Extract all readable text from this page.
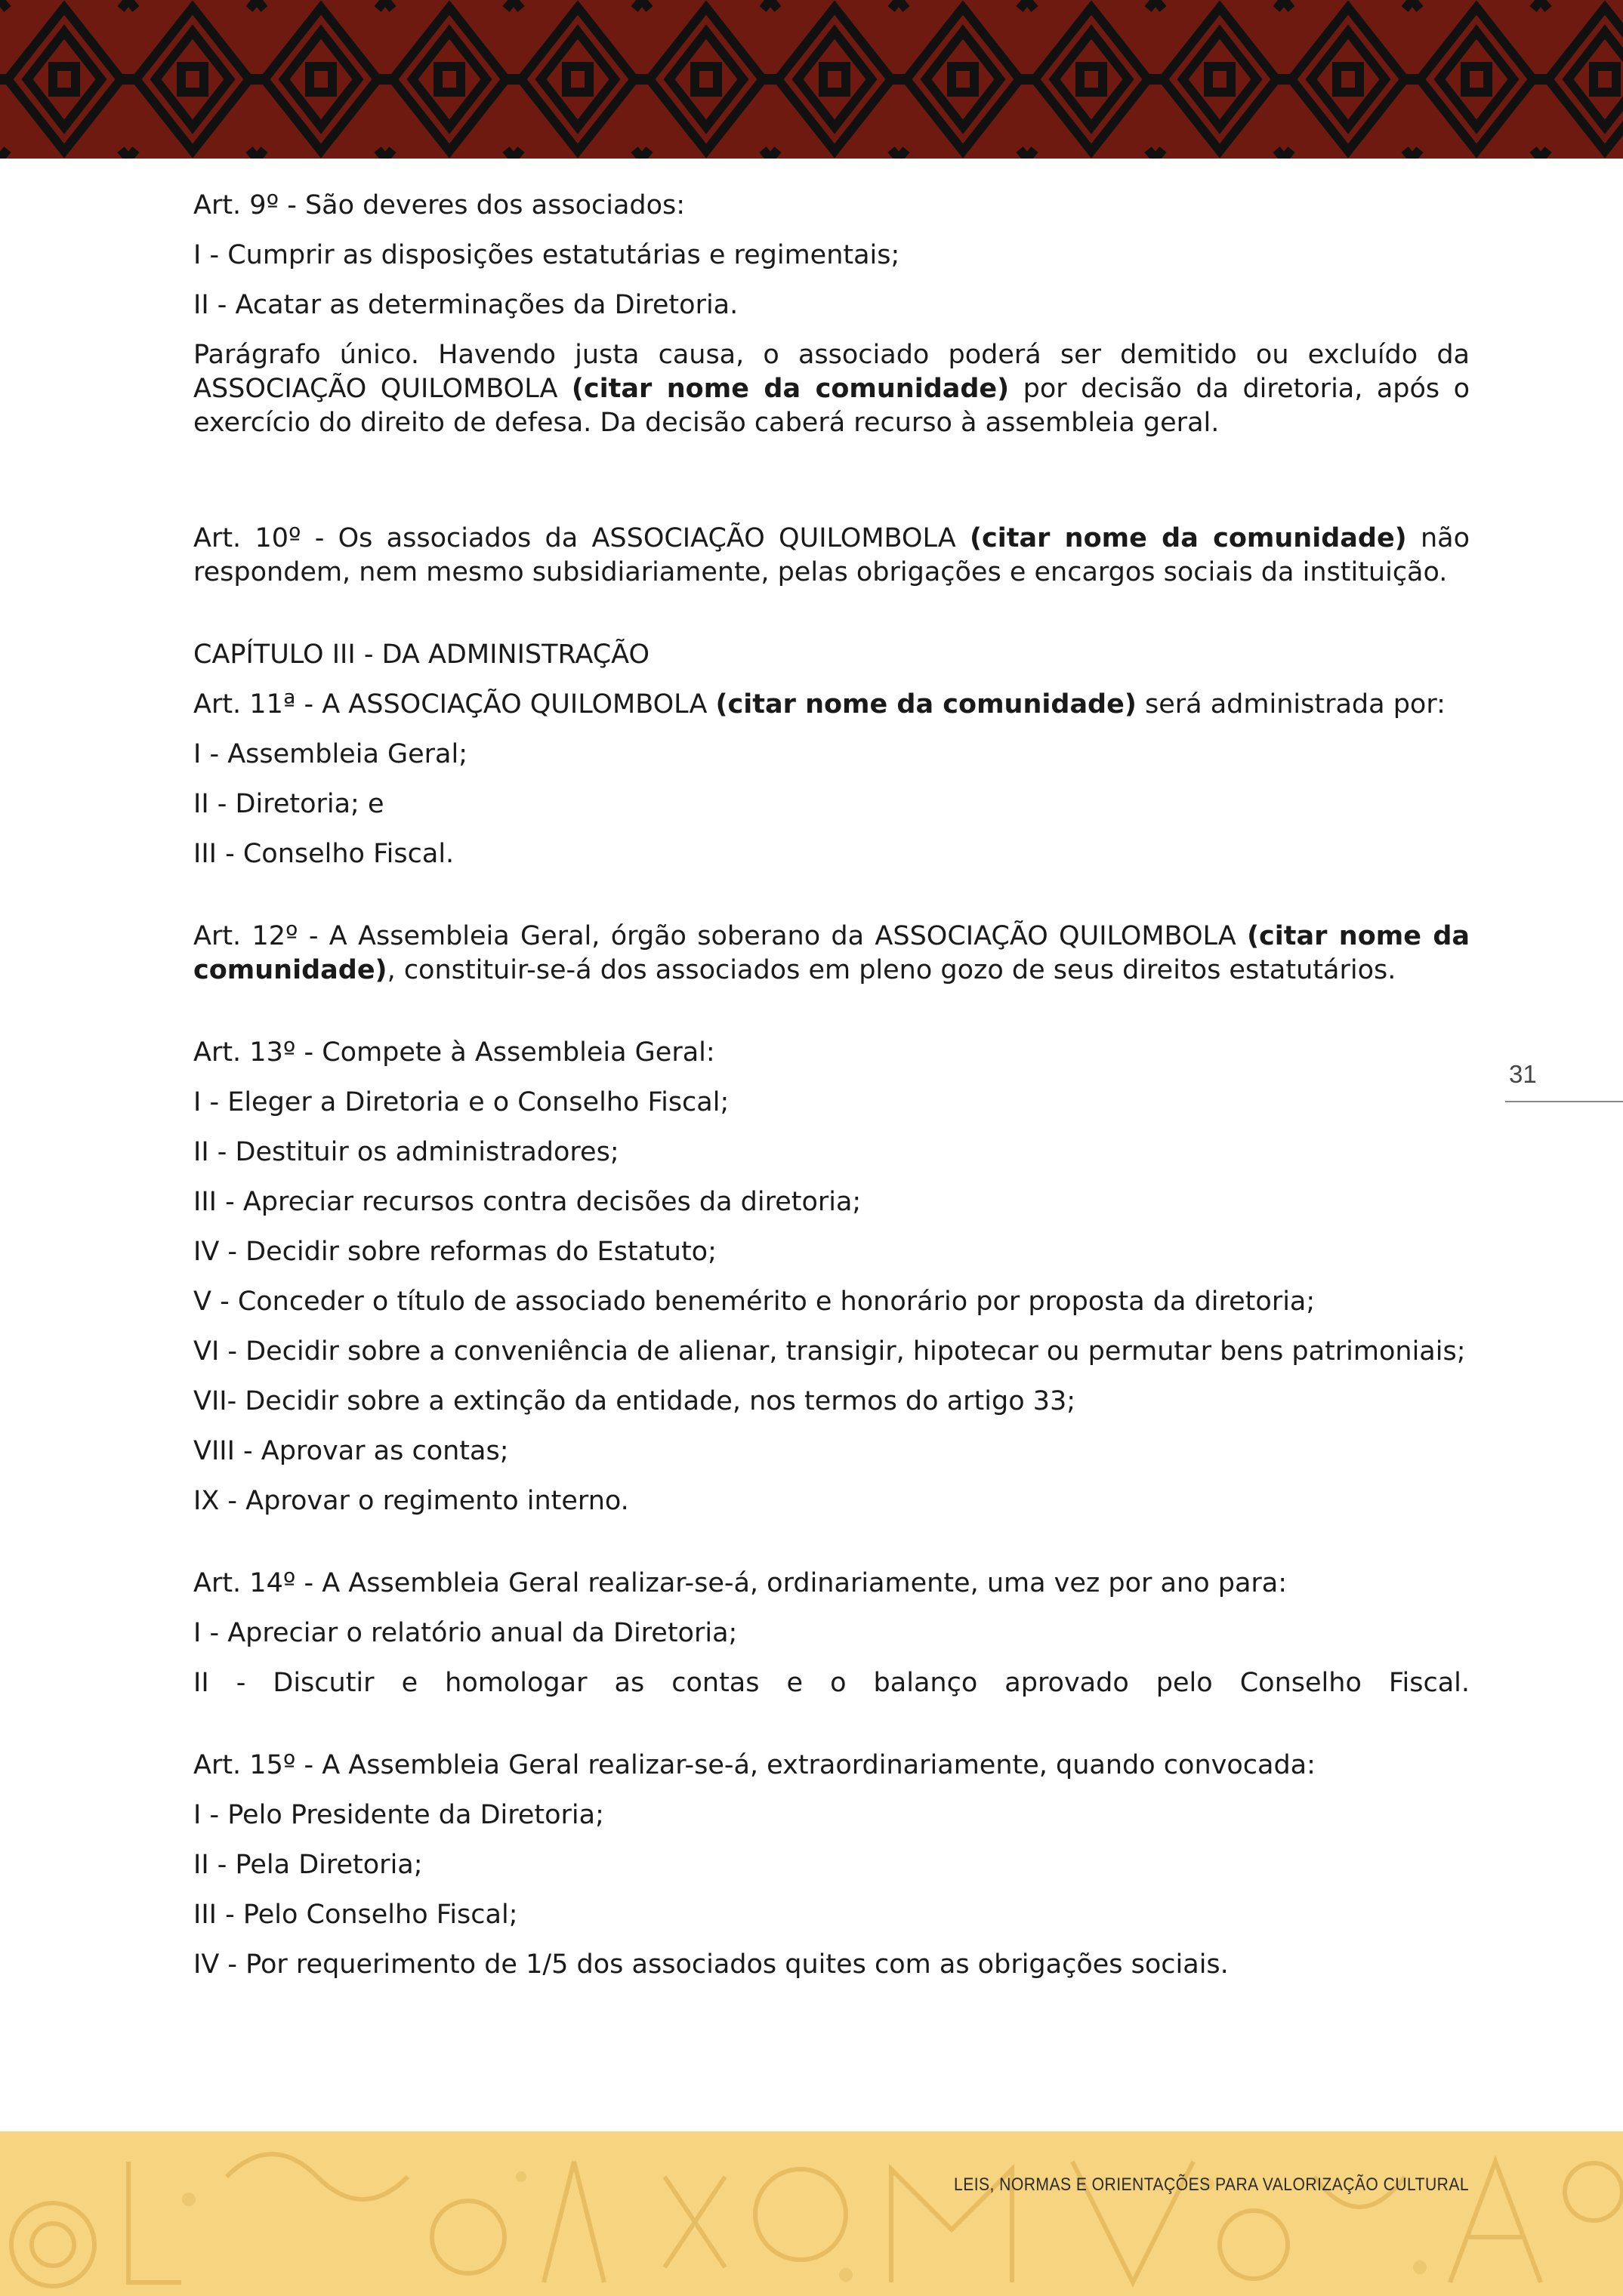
Art. 9º - São deveres dos associados:

I - Cumprir as disposições estatutárias e regimentais;

II - Acatar as determinações da Diretoria.

Parágrafo único. Havendo justa causa, o associado poderá ser demitido ou excluído da ASSOCIAÇÃO QUILOMBOLA (citar nome da comunidade) por decisão da diretoria, após o exercício do direito de defesa. Da decisão caberá recurso à assembleia geral.

Art. 10º - Os associados da ASSOCIAÇÃO QUILOMBOLA (citar nome da comunidade) não respondem, nem mesmo subsidiariamente, pelas obrigações e encargos sociais da instituição.

CAPÍTULO III - DA ADMINISTRAÇÃO

Art. 11ª - A ASSOCIAÇÃO QUILOMBOLA (citar nome da comunidade) será administrada por:

I - Assembleia Geral;

II - Diretoria; e

III - Conselho Fiscal.

Art. 12º - A Assembleia Geral, órgão soberano da ASSOCIAÇÃO QUILOMBOLA (citar nome da comunidade), constituir-se-á dos associados em pleno gozo de seus direitos estatutários.

Art. 13º - Compete à Assembleia Geral:

I - Eleger a Diretoria e o Conselho Fiscal;

II - Destituir os administradores;

III - Apreciar recursos contra decisões da diretoria;

IV - Decidir sobre reformas do Estatuto;

V - Conceder o título de associado benemérito e honorário por proposta da diretoria;

VI - Decidir sobre a conveniência de alienar, transigir, hipotecar ou permutar bens patrimoniais;

VII- Decidir sobre a extinção da entidade, nos termos do artigo 33;

VIII - Aprovar as contas;

IX - Aprovar o regimento interno.

Art. 14º - A Assembleia Geral realizar-se-á, ordinariamente, uma vez por ano para:

I - Apreciar o relatório anual da Diretoria;

II - Discutir e homologar as contas e o balanço aprovado pelo Conselho Fiscal.

Art. 15º - A Assembleia Geral realizar-se-á, extraordinariamente, quando convocada:

I - Pelo Presidente da Diretoria;

II - Pela Diretoria;

III - Pelo Conselho Fiscal;

IV - Por requerimento de 1/5 dos associados quites com as obrigações sociais.

31
LEIS, NORMAS E ORIENTAÇÕES PARA VALORIZAÇÃO CULTURAL
